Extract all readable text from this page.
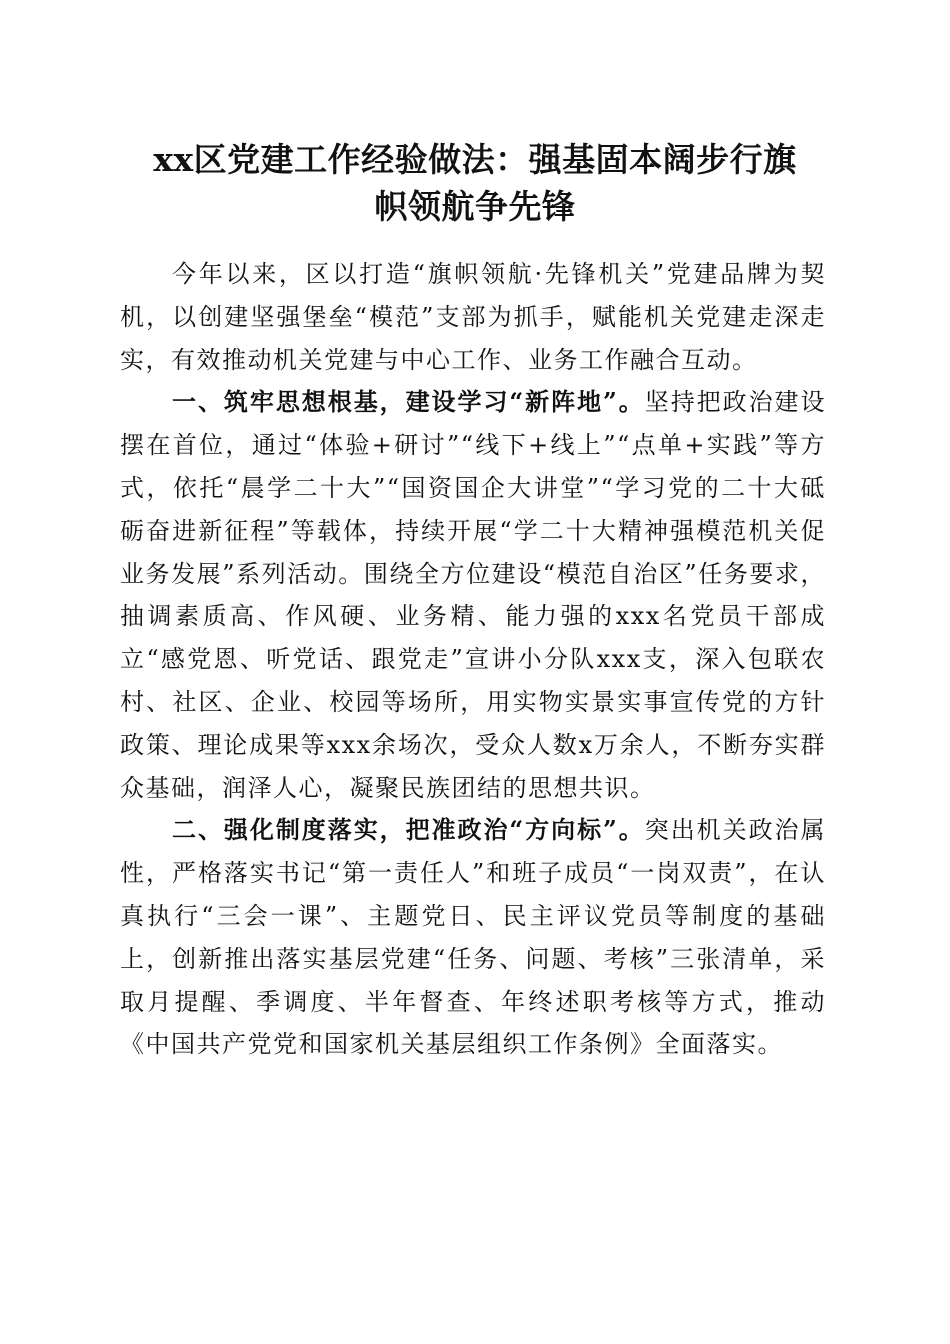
xx区党建工作经验做法：强基固本阔步行旗
帜领航争先锋

今年以来，区以打造“旗帜领航·先锋机关”党建品牌为契机，以创建坚强堡垒“模范”支部为抓手，赋能机关党建走深走实，有效推动机关党建与中心工作、业务工作融合互动。

一、筑牢思想根基，建设学习“新阵地”。坚持把政治建设摆在首位，通过“体验+研讨”“线下+线上”“点单+实践”等方式，依托“晨学二十大”“国资国企大讲堂”“学习党的二十大砥砺奋进新征程”等载体，持续开展“学二十大精神强模范机关促业务发展”系列活动。围绕全方位建设“模范自治区”任务要求，抽调素质高、作风硬、业务精、能力强的xxx名党员干部成立“感党恩、听党话、跟党走”宣讲小分队xxx支，深入包联农村、社区、企业、校园等场所，用实物实景实事宣传党的方针政策、理论成果等xxx余场次，受众人数x万余人，不断夯实群众基础，润泽人心，凝聚民族团结的思想共识。

二、强化制度落实，把准政治“方向标”。突出机关政治属性，严格落实书记“第一责任人”和班子成员“一岗双责”，在认真执行“三会一课”、主题党日、民主评议党员等制度的基础上，创新推出落实基层党建“任务、问题、考核”三张清单，采取月提醒、季调度、半年督查、年终述职考核等方式，推动《中国共产党党和国家机关基层组织工作条例》全面落实。
